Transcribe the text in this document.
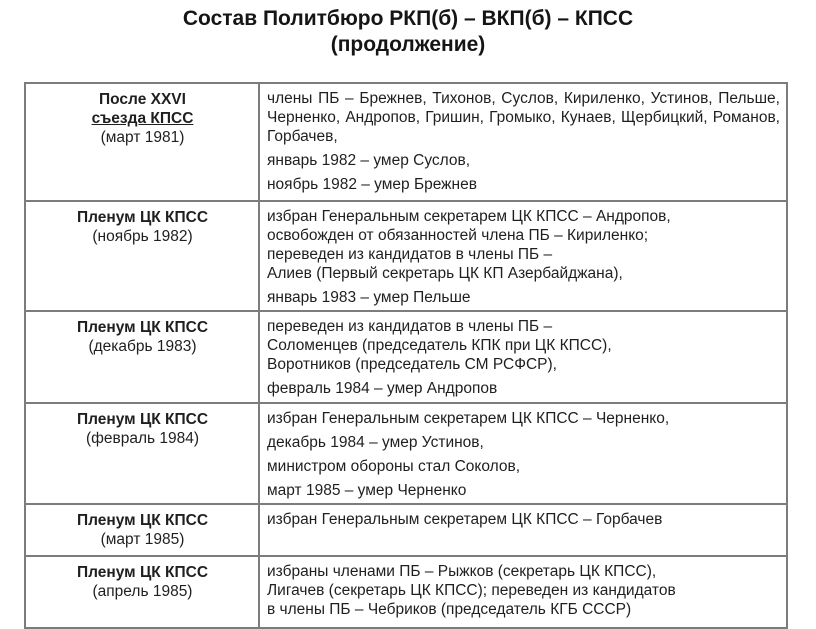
Состав Политбюро РКП(б) – ВКП(б) – КПСС
(продолжение)
После XXVI
съезда КПСС
(март 1981)	члены ПБ – Брежнев, Тихонов, Суслов, Кириленко, Устинов, Пельше, Черненко, Андропов, Гришин, Громыко, Кунаев, Щербицкий, Романов, Горбачев,
январь 1982 – умер Суслов,
ноябрь 1982 – умер Брежнев

Пленум ЦК КПСС
(ноябрь 1982)	избран Генеральным секретарем ЦК КПСС – Андропов,
освобожден от обязанностей члена ПБ – Кириленко;
переведен из кандидатов в члены ПБ –
Алиев (Первый секретарь ЦК КП Азербайджана),
январь 1983 – умер Пельше

Пленум ЦК КПСС
(декабрь 1983)	переведен из кандидатов в члены ПБ –
Соломенцев (председатель КПК при ЦК КПСС),
Воротников (председатель СМ РСФСР),
февраль 1984 – умер Андропов

Пленум ЦК КПСС
(февраль 1984)	избран Генеральным секретарем ЦК КПСС – Черненко,
декабрь 1984 – умер Устинов,
министром обороны стал Соколов,
март 1985 – умер Черненко

Пленум ЦК КПСС
(март 1985)	избран Генеральным секретарем ЦК КПСС – Горбачев

Пленум ЦК КПСС
(апрель 1985)	избраны членами ПБ – Рыжков (секретарь ЦК КПСС),
Лигачев (секретарь ЦК КПСС); переведен из кандидатов
в члены ПБ – Чебриков (председатель КГБ СССР)
